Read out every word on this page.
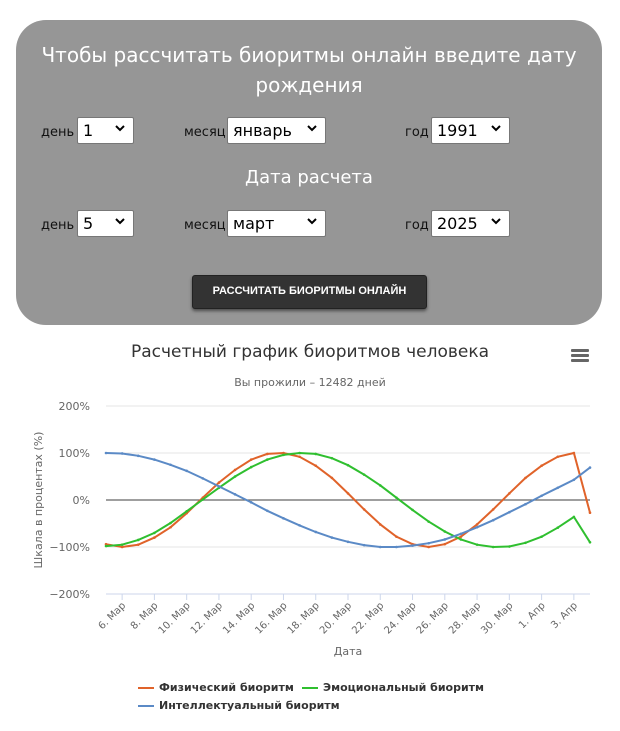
Чтобы рассчитать биоритмы онлайн введите дату рождения
день 1	месяц январь	год 1991
Дата расчета
день 5	месяц март	год 2025
РАССЧИТАТЬ БИОРИТМЫ ОНЛАЙН
Расчетный график биоритмов человека
Вы прожили – 12482 дней
200%
100%
0%
−100%
−200%
6. Мар 8. Мар
10. Мар
12. Мар
14. Мар
16. Мар
18. Мар
20. Мар
22. Мар
24. Мар
26. Мар
28. Мар
30. Мар 1. Апр 3. Апр
Шкала в процентах (%)
Дата
Физический биоритм	Эмоциональный биоритм
Интеллектуальный биоритм
